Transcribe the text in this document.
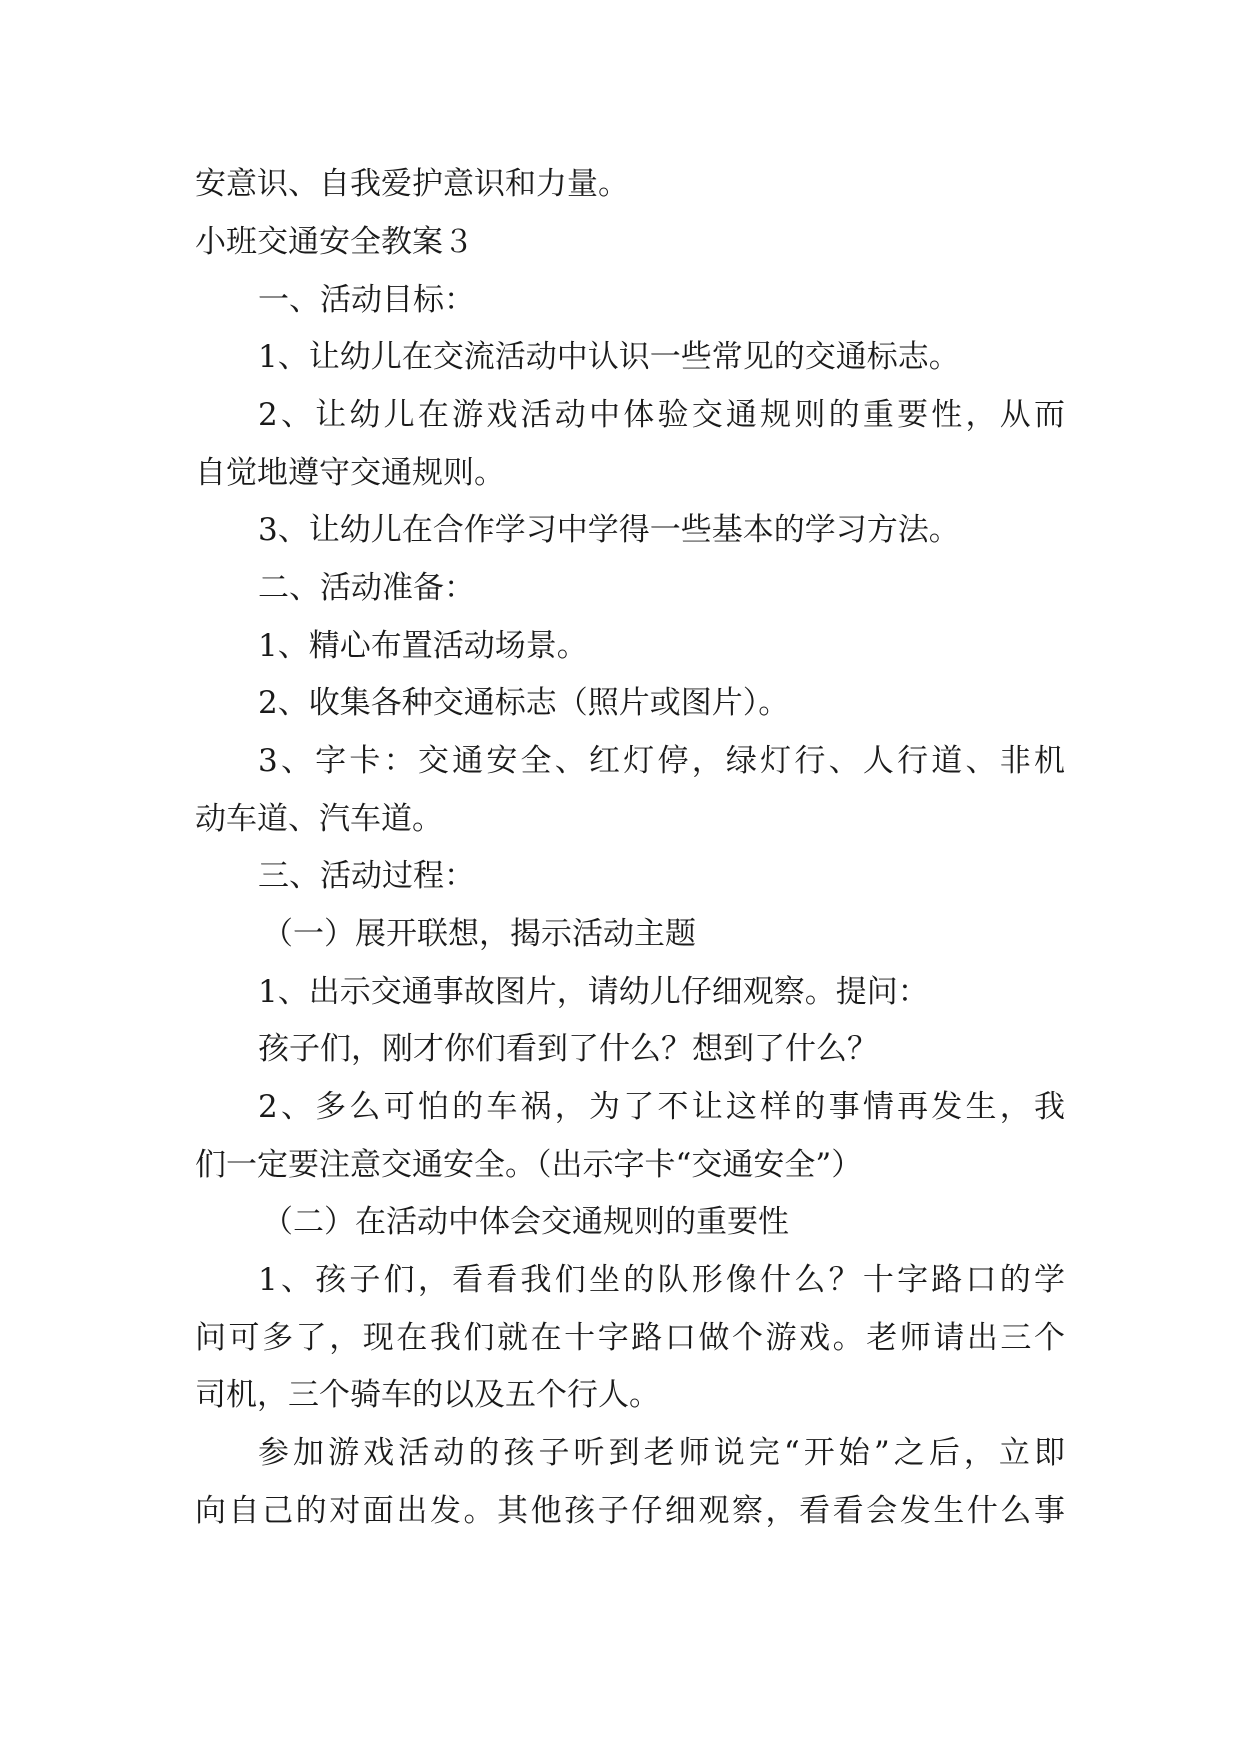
安意识、自我爱护意识和力量。
小班交通安全教案３
一、活动目标：
1、让幼儿在交流活动中认识一些常见的交通标志。
2、让幼儿在游戏活动中体验交通规则的重要性，从而
自觉地遵守交通规则。
3、让幼儿在合作学习中学得一些基本的学习方法。
二、活动准备：
1、精心布置活动场景。
2、收集各种交通标志（照片或图片）。
3、字卡：交通安全、红灯停，绿灯行、人行道、非机
动车道、汽车道。
三、活动过程：
（一）展开联想，揭示活动主题
1、出示交通事故图片，请幼儿仔细观察。提问：
孩子们，刚才你们看到了什么？想到了什么？
2、多么可怕的车祸，为了不让这样的事情再发生，我
们一定要注意交通安全。（出示字卡“交通安全”）
（二）在活动中体会交通规则的重要性
1、孩子们，看看我们坐的队形像什么？十字路口的学
问可多了，现在我们就在十字路口做个游戏。老师请出三个
司机，三个骑车的以及五个行人。
参加游戏活动的孩子听到老师说完“开始”之后，立即
向自己的对面出发。其他孩子仔细观察，看看会发生什么事
